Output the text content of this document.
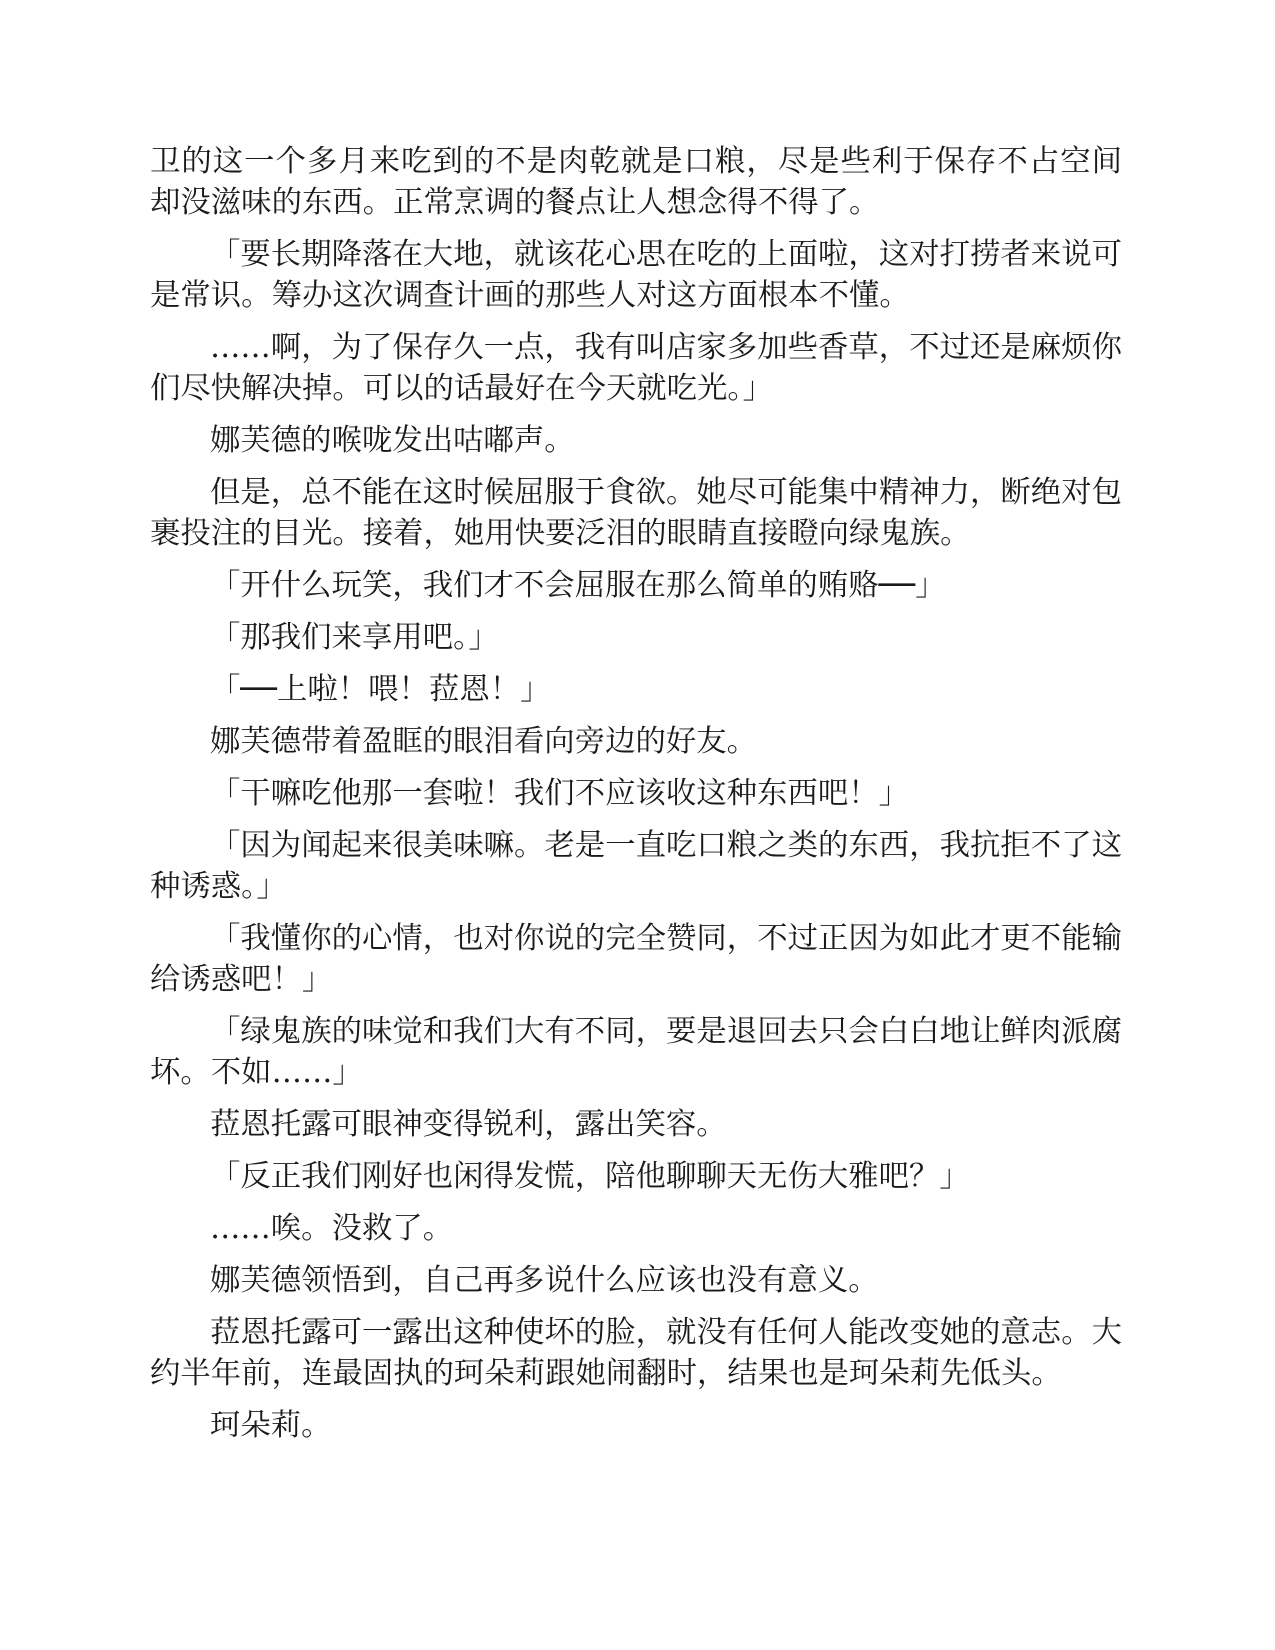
卫的这一个多月来吃到的不是肉乾就是口粮，尽是些利于保存不占空间却没滋味的东西。正常烹调的餐点让人想念得不得了。

「要长期降落在大地，就该花心思在吃的上面啦，这对打捞者来说可是常识。筹办这次调查计画的那些人对这方面根本不懂。

……啊，为了保存久一点，我有叫店家多加些香草，不过还是麻烦你们尽快解决掉。可以的话最好在今天就吃光。」

娜芙德的喉咙发出咕嘟声。

但是，总不能在这时候屈服于食欲。她尽可能集中精神力，断绝对包裹投注的目光。接着，她用快要泛泪的眼睛直接瞪向绿鬼族。

「开什么玩笑，我们才不会屈服在那么简单的贿赂──」

「那我们来享用吧。」

「──上啦！喂！菈恩！」

娜芙德带着盈眶的眼泪看向旁边的好友。

「干嘛吃他那一套啦！我们不应该收这种东西吧！」

「因为闻起来很美味嘛。老是一直吃口粮之类的东西，我抗拒不了这种诱惑。」

「我懂你的心情，也对你说的完全赞同，不过正因为如此才更不能输给诱惑吧！」

「绿鬼族的味觉和我们大有不同，要是退回去只会白白地让鲜肉派腐坏。不如……」

菈恩托露可眼神变得锐利，露出笑容。

「反正我们刚好也闲得发慌，陪他聊聊天无伤大雅吧？」

……唉。没救了。

娜芙德领悟到，自己再多说什么应该也没有意义。

菈恩托露可一露出这种使坏的脸，就没有任何人能改变她的意志。大约半年前，连最固执的珂朵莉跟她闹翻时，结果也是珂朵莉先低头。

珂朵莉。
